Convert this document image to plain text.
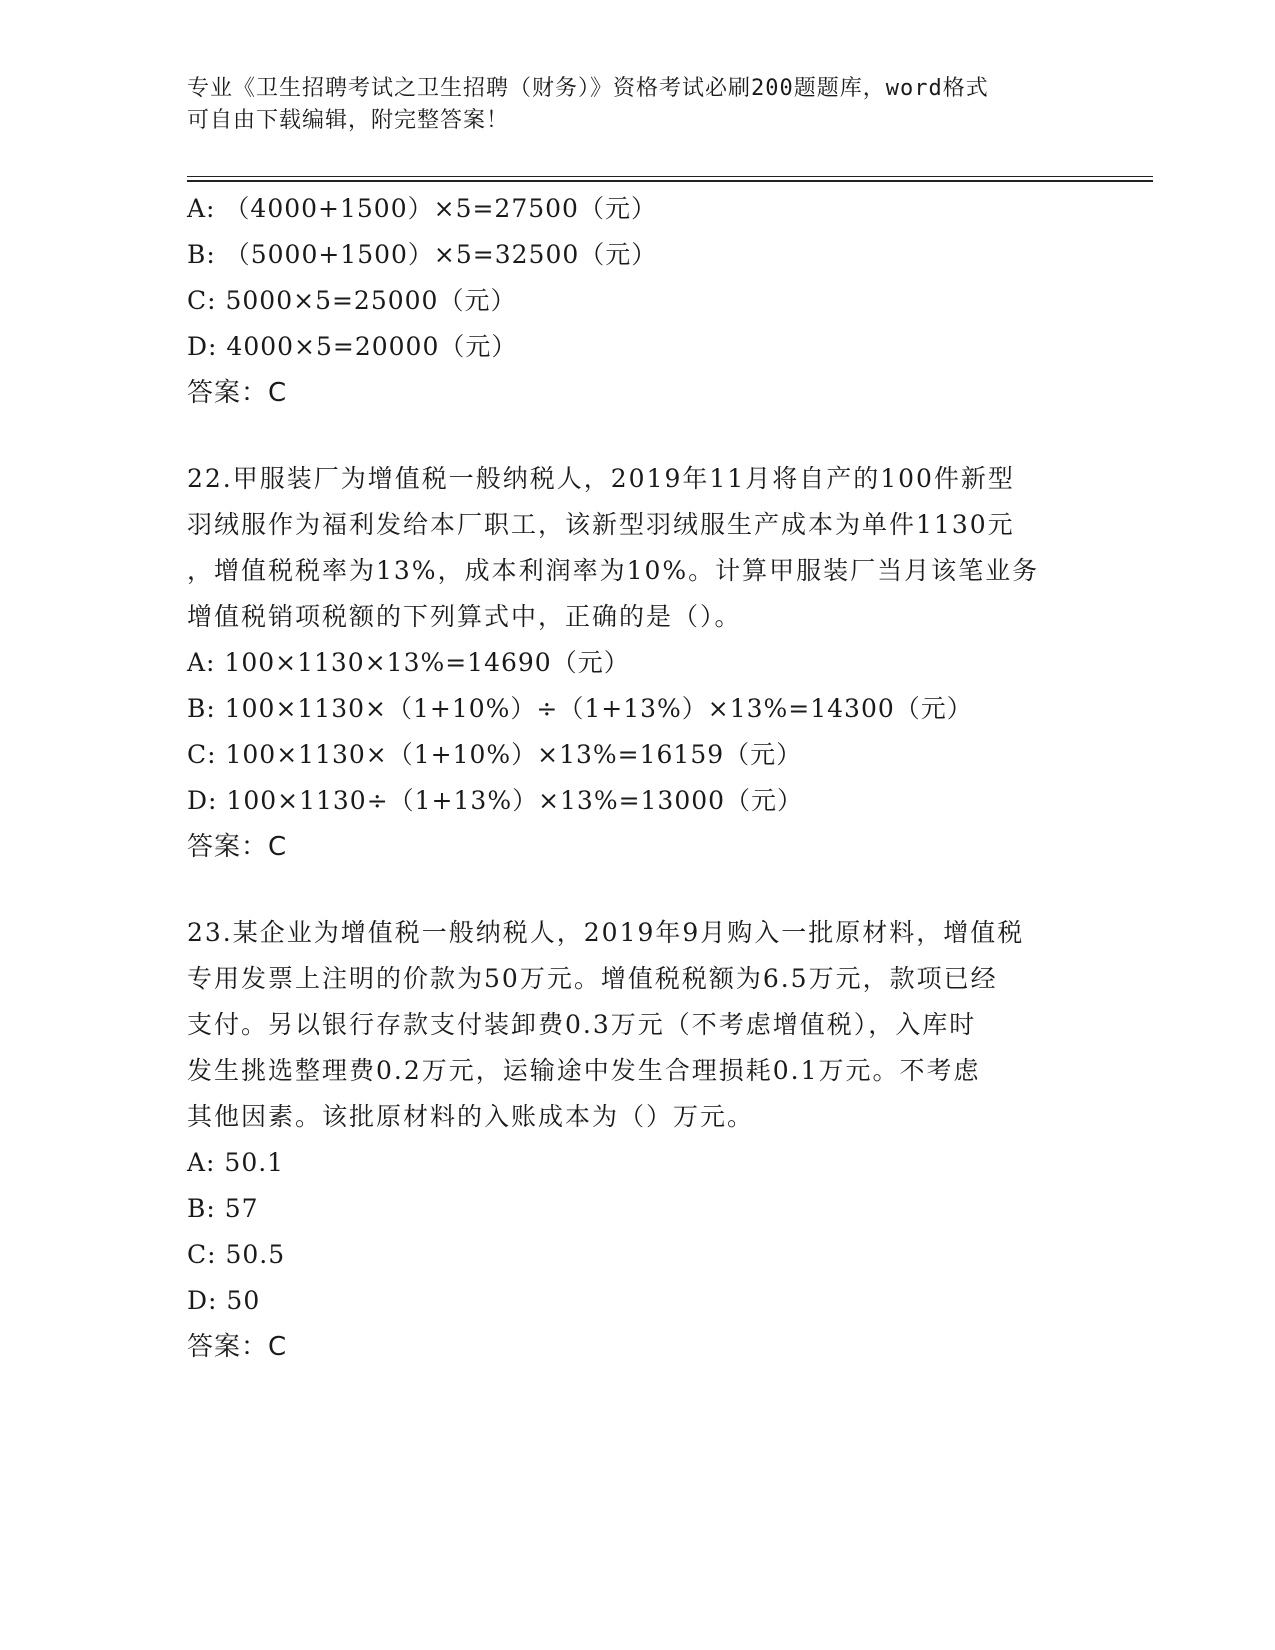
专业《卫生招聘考试之卫生招聘（财务）》资格考试必刷200题题库，word格式
可自由下载编辑，附完整答案！
A: （4000+1500）×5=27500（元）
B: （5000+1500）×5=32500（元）
C: 5000×5=25000（元）
D: 4000×5=20000（元）
答案：C
22.甲服装厂为增值税一般纳税人，2019年11月将自产的100件新型
羽绒服作为福利发给本厂职工，该新型羽绒服生产成本为单件1130元
，增值税税率为13%，成本利润率为10%。计算甲服装厂当月该笔业务
增值税销项税额的下列算式中，正确的是（）。
A: 100×1130×13%=14690（元）
B: 100×1130×（1+10%）÷（1+13%）×13%=14300（元）
C: 100×1130×（1+10%）×13%=16159（元）
D: 100×1130÷（1+13%）×13%=13000（元）
答案：C
23.某企业为增值税一般纳税人，2019年9月购入一批原材料，增值税
专用发票上注明的价款为50万元。增值税税额为6.5万元，款项已经
支付。另以银行存款支付装卸费0.3万元（不考虑增值税），入库时
发生挑选整理费0.2万元，运输途中发生合理损耗0.1万元。不考虑
其他因素。该批原材料的入账成本为（）万元。
A: 50.1
B: 57
C: 50.5
D: 50
答案：C
